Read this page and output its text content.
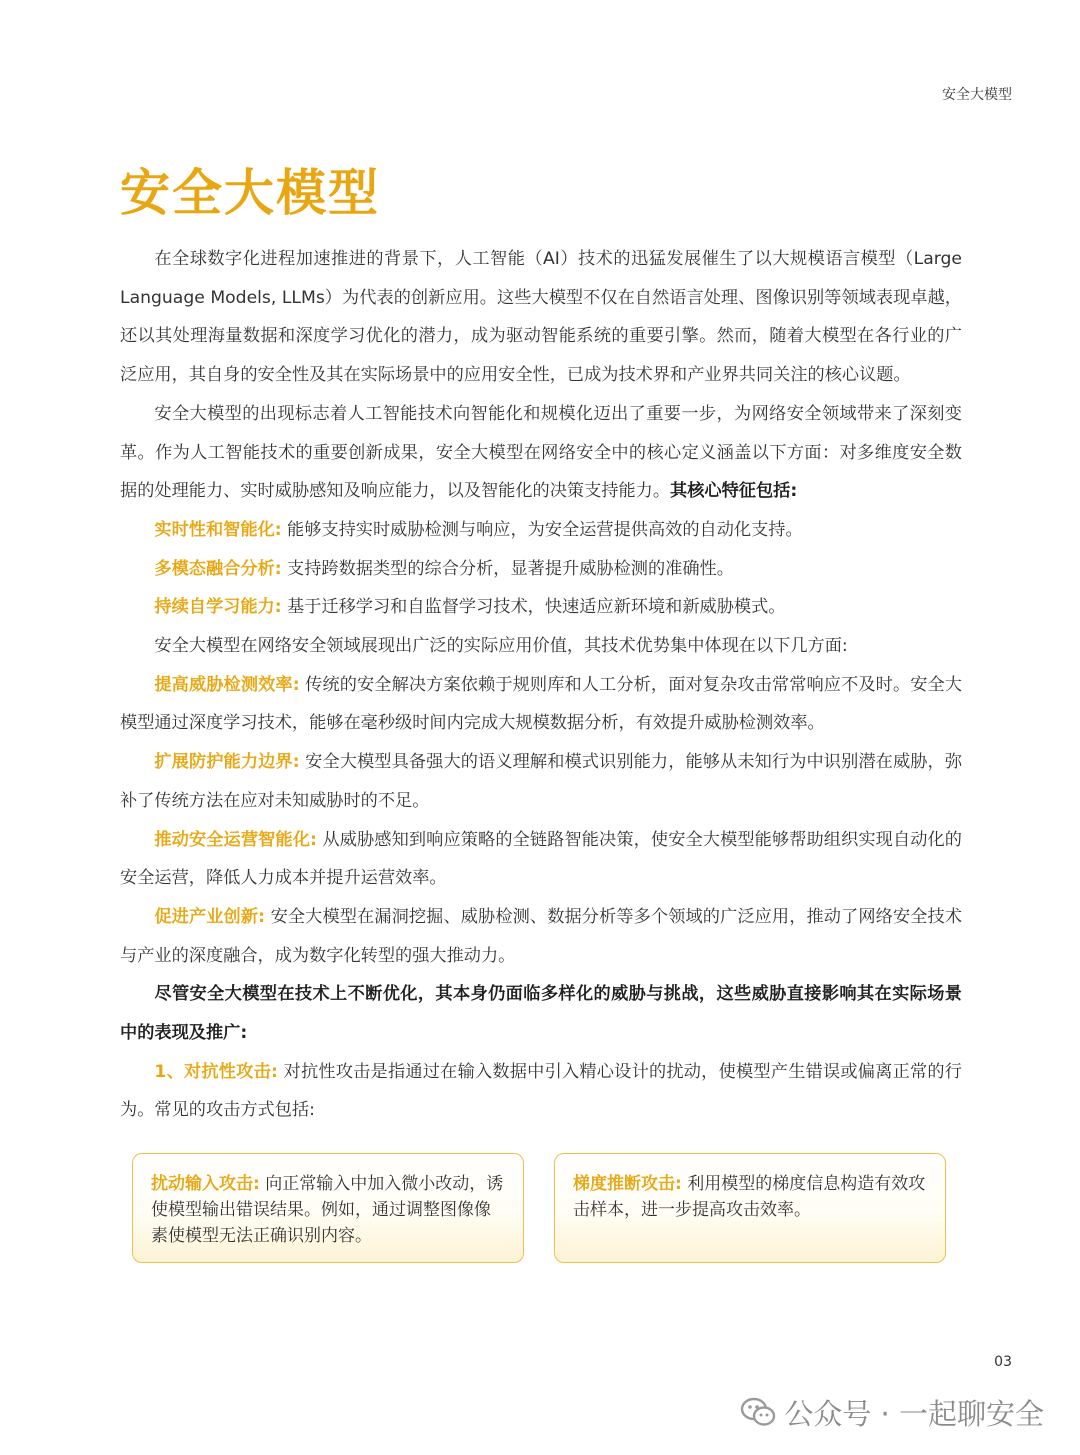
安全大模型
安全大模型

在全球数字化进程加速推进的背景下，人工智能（AI）技术的迅猛发展催生了以大规模语言模型（Large Language Models, LLMs）为代表的创新应用。这些大模型不仅在自然语言处理、图像识别等领域表现卓越，还以其处理海量数据和深度学习优化的潜力，成为驱动智能系统的重要引擎。然而，随着大模型在各行业的广泛应用，其自身的安全性及其在实际场景中的应用安全性，已成为技术界和产业界共同关注的核心议题。

安全大模型的出现标志着人工智能技术向智能化和规模化迈出了重要一步，为网络安全领域带来了深刻变革。作为人工智能技术的重要创新成果，安全大模型在网络安全中的核心定义涵盖以下方面：对多维度安全数据的处理能力、实时威胁感知及响应能力，以及智能化的决策支持能力。其核心特征包括:

实时性和智能化: 能够支持实时威胁检测与响应，为安全运营提供高效的自动化支持。

多模态融合分析: 支持跨数据类型的综合分析，显著提升威胁检测的准确性。

持续自学习能力: 基于迁移学习和自监督学习技术，快速适应新环境和新威胁模式。

安全大模型在网络安全领域展现出广泛的实际应用价值，其技术优势集中体现在以下几方面:

提高威胁检测效率: 传统的安全解决方案依赖于规则库和人工分析，面对复杂攻击常常响应不及时。安全大模型通过深度学习技术，能够在毫秒级时间内完成大规模数据分析，有效提升威胁检测效率。

扩展防护能力边界: 安全大模型具备强大的语义理解和模式识别能力，能够从未知行为中识别潜在威胁，弥补了传统方法在应对未知威胁时的不足。

推动安全运营智能化: 从威胁感知到响应策略的全链路智能决策，使安全大模型能够帮助组织实现自动化的安全运营，降低人力成本并提升运营效率。

促进产业创新: 安全大模型在漏洞挖掘、威胁检测、数据分析等多个领域的广泛应用，推动了网络安全技术与产业的深度融合，成为数字化转型的强大推动力。

尽管安全大模型在技术上不断优化，其本身仍面临多样化的威胁与挑战，这些威胁直接影响其在实际场景中的表现及推广:

1、对抗性攻击: 对抗性攻击是指通过在输入数据中引入精心设计的扰动，使模型产生错误或偏离正常的行为。常见的攻击方式包括:

扰动输入攻击: 向正常输入中加入微小改动，诱使模型输出错误结果。例如，通过调整图像像素使模型无法正确识别内容。
梯度推断攻击: 利用模型的梯度信息构造有效攻击样本，进一步提高攻击效率。
03
公众号 · 一起聊安全
